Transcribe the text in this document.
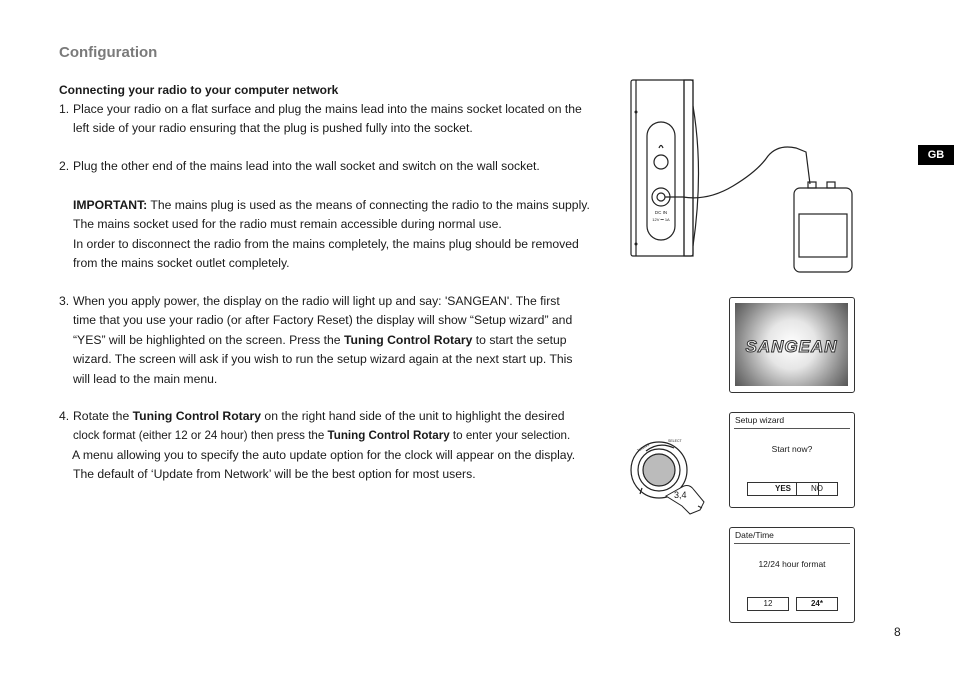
Configuration
Connecting your radio to your computer network
1. Place your radio on a flat surface and plug the mains lead into the mains socket located on the
left side of your radio ensuring that the plug is pushed fully into the socket.
2. Plug the other end of the mains lead into the wall socket and switch on the wall socket.
IMPORTANT: The mains plug is used as the means of connecting the radio to the mains supply.
The mains socket used for the radio must remain accessible during normal use.
In order to disconnect the radio from the mains completely, the mains plug should be removed
from the mains socket outlet completely.
3. When you apply power, the display on the radio will light up and say: 'SANGEAN'. The first
time that you use your radio (or after Factory Reset) the display will show “Setup wizard” and
“YES” will be highlighted on the screen. Press the Tuning Control Rotary to start the setup
wizard. The screen will ask if you wish to run the setup wizard again at the next start up. This
will lead to the main menu.
4. Rotate the Tuning Control Rotary on the right hand side of the unit to highlight the desired
clock format (either 12 or 24 hour) then press the Tuning Control Rotary to enter your selection.
A menu allowing you to specify the auto update option for the clock will appear on the display.
The default of ‘Update from Network’ will be the best option for most users.
DC IN
12V ⎓ 1A
SANGEAN
TUNING
SELECT
3,4
Setup wizard
Start now?
YES	NO
Date/Time
12/24 hour format
12	24*
GB
8
